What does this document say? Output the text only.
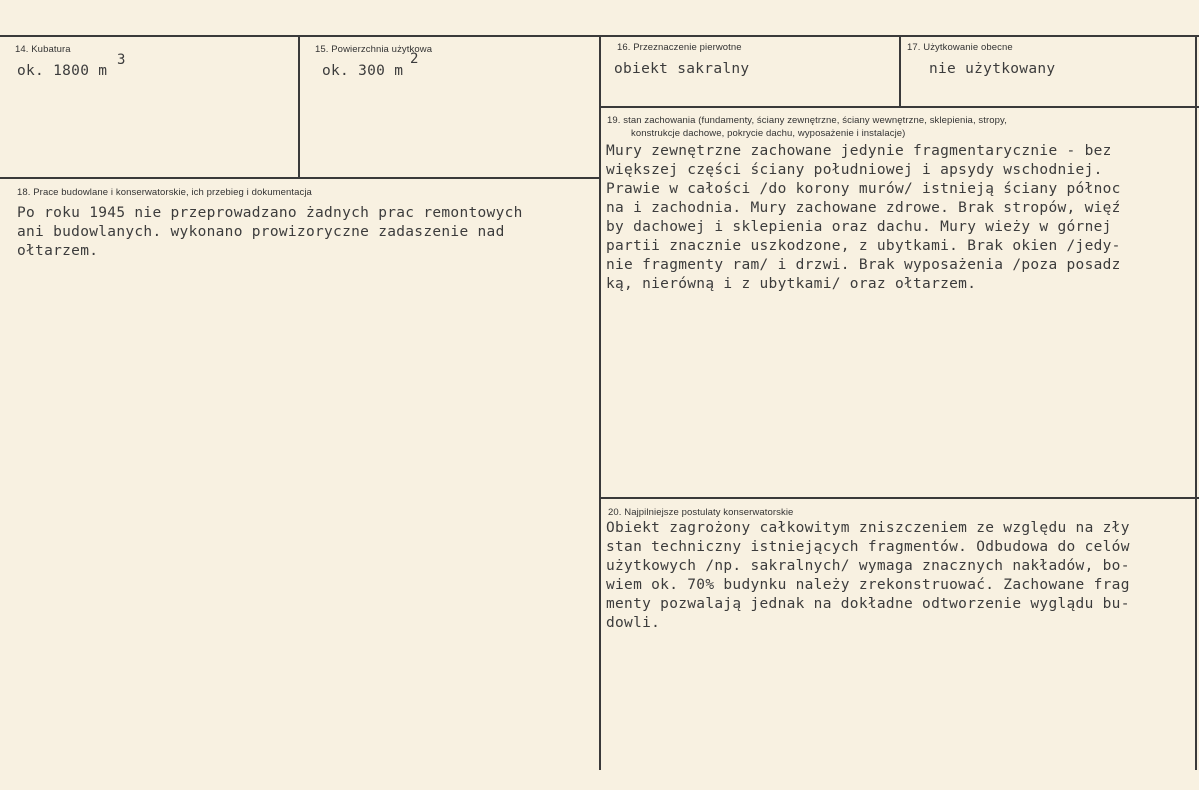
14. Kubatura
ok. 1800 m
3
15. Powierzchnia użytkowa
ok. 300 m
2
16. Przeznaczenie pierwotne
obiekt sakralny
17. Użytkowanie obecne
nie użytkowany
18. Prace budowlane i konserwatorskie, ich przebieg i dokumentacja
Po roku 1945 nie przeprowadzano żadnych prac remontowych
ani budowlanych. wykonano prowizoryczne zadaszenie nad
ołtarzem.
19. stan zachowania (fundamenty, ściany zewnętrzne, ściany wewnętrzne, sklepienia, stropy,
konstrukcje dachowe, pokrycie dachu, wyposażenie i instalacje)
Mury zewnętrzne zachowane jedynie fragmentarycznie - bez
większej części ściany południowej i apsydy wschodniej.
Prawie w całości /do korony murów/ istnieją ściany północ
na i zachodnia. Mury zachowane zdrowe. Brak stropów, więź
by dachowej i sklepienia oraz dachu. Mury wieży w górnej
partii znacznie uszkodzone, z ubytkami. Brak okien /jedy-
nie fragmenty ram/ i drzwi. Brak wyposażenia /poza posadz
ką, nierówną i z ubytkami/ oraz ołtarzem.
20. Najpilniejsze postulaty konserwatorskie
Obiekt zagrożony całkowitym zniszczeniem ze względu na zły
stan techniczny istniejących fragmentów. Odbudowa do celów
użytkowych /np. sakralnych/ wymaga znacznych nakładów, bo-
wiem ok. 70% budynku należy zrekonstruować. Zachowane frag
menty pozwalają jednak na dokładne odtworzenie wyglądu bu-
dowli.
